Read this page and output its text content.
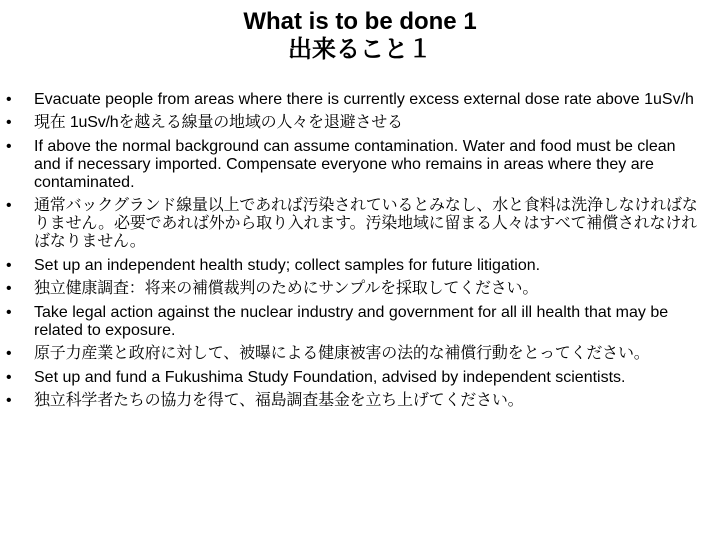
What is to be done 1
出来ること１
•	Evacuate people from areas where there is currently excess external dose rate above 1uSv/h
•	現在 1uSv/hを越える線量の地域の人々を退避させる
•	If above the normal background can assume contamination. Water and food must be clean and if necessary imported. Compensate everyone who remains in areas where they are contaminated.
•	通常バックグランド線量以上であれば汚染されているとみなし、水と食料は洗浄しなければなりません。必要であれば外から取り入れます。汚染地域に留まる人々はすべて補償されなければなりません。
•	Set up an independent health study; collect samples for future litigation.
•	独立健康調査：将来の補償裁判のためにサンプルを採取してください。
•	Take legal action against the nuclear industry and government for all ill health that may be related to exposure.
•	原子力産業と政府に対して、被曝による健康被害の法的な補償行動をとってください。
•	Set up and fund a Fukushima Study Foundation, advised by independent scientists.
•	独立科学者たちの協力を得て、福島調査基金を立ち上げてください。
